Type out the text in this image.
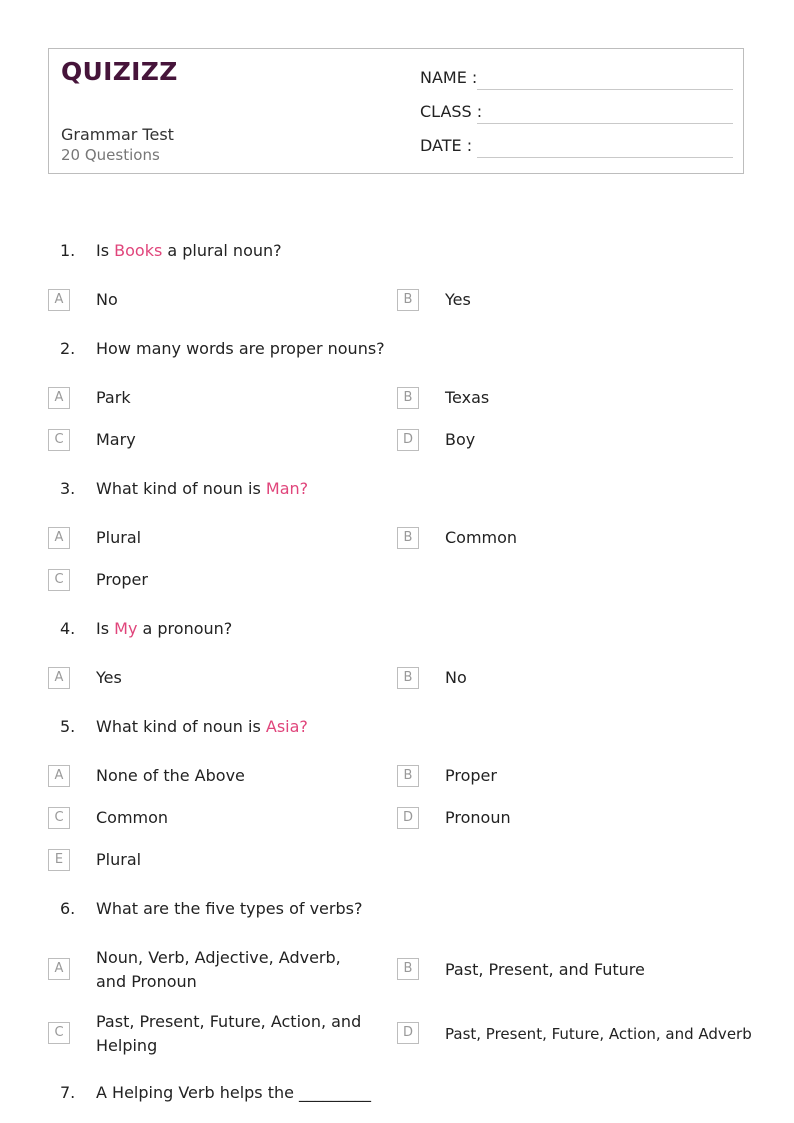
QUIZIZZ
Grammar Test
20 Questions
NAME :
CLASS :
DATE :
1. Is Books a plural noun?
A	No	B	Yes
2. How many words are proper nouns?
A	Park	B	Texas
C	Mary	D	Boy
3. What kind of noun is Man?
A	Plural	B	Common
C	Proper
4. Is My a pronoun?
A	Yes	B	No
5. What kind of noun is Asia?
A	None of the Above	B	Proper
C	Common	D	Pronoun
E	Plural
6. What are the five types of verbs?
A
Noun, Verb, Adjective, Adverb, and Pronoun
B	Past, Present, and Future
C
Past, Present, Future, Action, and Helping
D	Past, Present, Future, Action, and Adverb
7. A Helping Verb helps the _________
